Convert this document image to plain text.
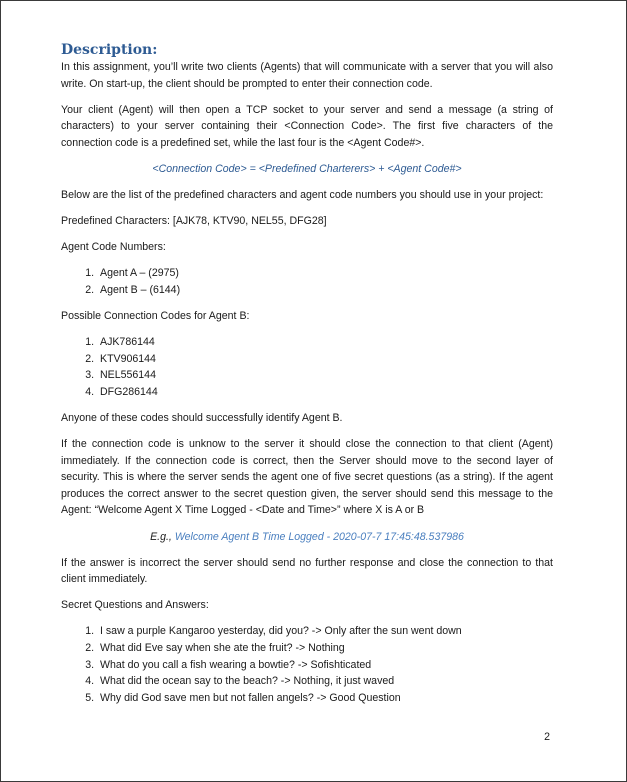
Description:

In this assignment, you’ll write two clients (Agents) that will communicate with a server that you will also write. On start-up, the client should be prompted to enter their connection code.

Your client (Agent) will then open a TCP socket to your server and send a message (a string of characters) to your server containing their <Connection Code>. The first five characters of the connection code is a predefined set, while the last four is the <Agent Code#>.

<Connection Code> = <Predefined Charterers> + <Agent Code#>

Below are the list of the predefined characters and agent code numbers you should use in your project:

Predefined Characters: [AJK78, KTV90, NEL55, DFG28]

Agent Code Numbers:

1. Agent A – (2975)
2. Agent B – (6144)

Possible Connection Codes for Agent B:

1. AJK786144
2. KTV906144
3. NEL556144
4. DFG286144

Anyone of these codes should successfully identify Agent B.

If the connection code is unknow to the server it should close the connection to that client (Agent) immediately. If the connection code is correct, then the Server should move to the second layer of security. This is where the server sends the agent one of five secret questions (as a string). If the agent produces the correct answer to the secret question given, the server should send this message to the Agent: “Welcome Agent X Time Logged - <Date and Time>” where X is A or B

E.g., Welcome Agent B Time Logged - 2020-07-7 17:45:48.537986

If the answer is incorrect the server should send no further response and close the connection to that client immediately.

Secret Questions and Answers:

1. I saw a purple Kangaroo yesterday, did you? -> Only after the sun went down
2. What did Eve say when she ate the fruit? -> Nothing
3. What do you call a fish wearing a bowtie? -> Sofishticated
4. What did the ocean say to the beach? -> Nothing, it just waved
5. Why did God save men but not fallen angels? -> Good Question
2
